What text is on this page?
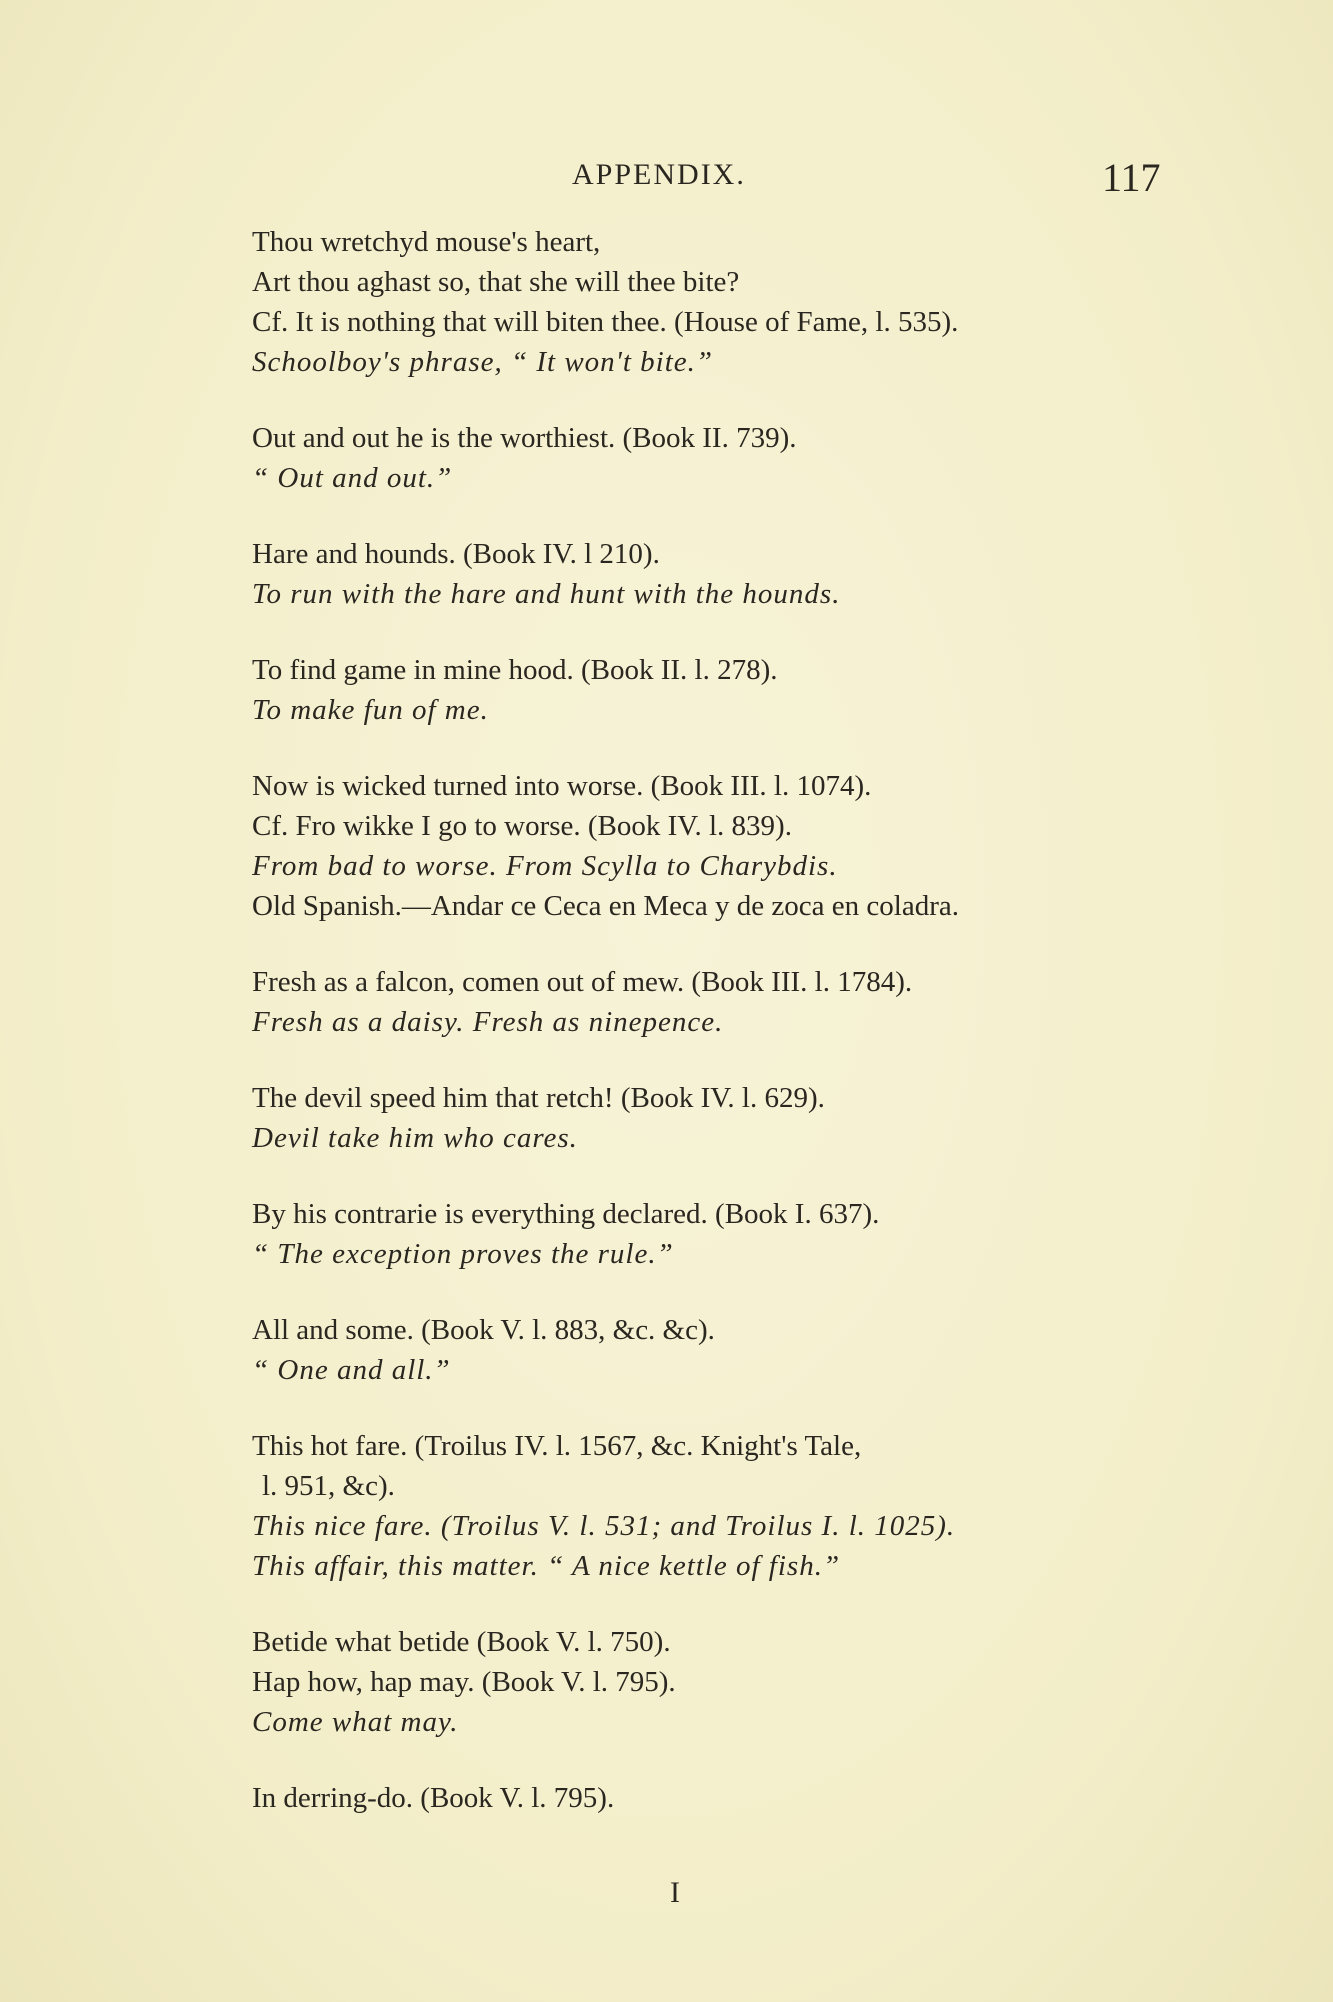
APPENDIX.	117
Thou wretchyd mouse's heart,
Art thou aghast so, that she will thee bite?
Cf. It is nothing that will biten thee. (House of Fame, l. 535).
Schoolboy's phrase, “ It won't bite.”
Out and out he is the worthiest. (Book II. 739).
“ Out and out.”
Hare and hounds. (Book IV. l 210).
To run with the hare and hunt with the hounds.
To find game in mine hood. (Book II. l. 278).
To make fun of me.
Now is wicked turned into worse. (Book III. l. 1074).
Cf. Fro wikke I go to worse. (Book IV. l. 839).
From bad to worse. From Scylla to Charybdis.
Old Spanish.—Andar ce Ceca en Meca y de zoca en coladra.
Fresh as a falcon, comen out of mew. (Book III. l. 1784).
Fresh as a daisy. Fresh as ninepence.
The devil speed him that retch! (Book IV. l. 629).
Devil take him who cares.
By his contrarie is everything declared. (Book I. 637).
“ The exception proves the rule.”
All and some. (Book V. l. 883, &c. &c).
“ One and all.”
This hot fare. (Troilus IV. l. 1567, &c. Knight's Tale,
l. 951, &c).
This nice fare. (Troilus V. l. 531; and Troilus I. l. 1025).
This affair, this matter. “ A nice kettle of fish.”
Betide what betide (Book V. l. 750).
Hap how, hap may. (Book V. l. 795).
Come what may.
In derring-do. (Book V. l. 795).
I
